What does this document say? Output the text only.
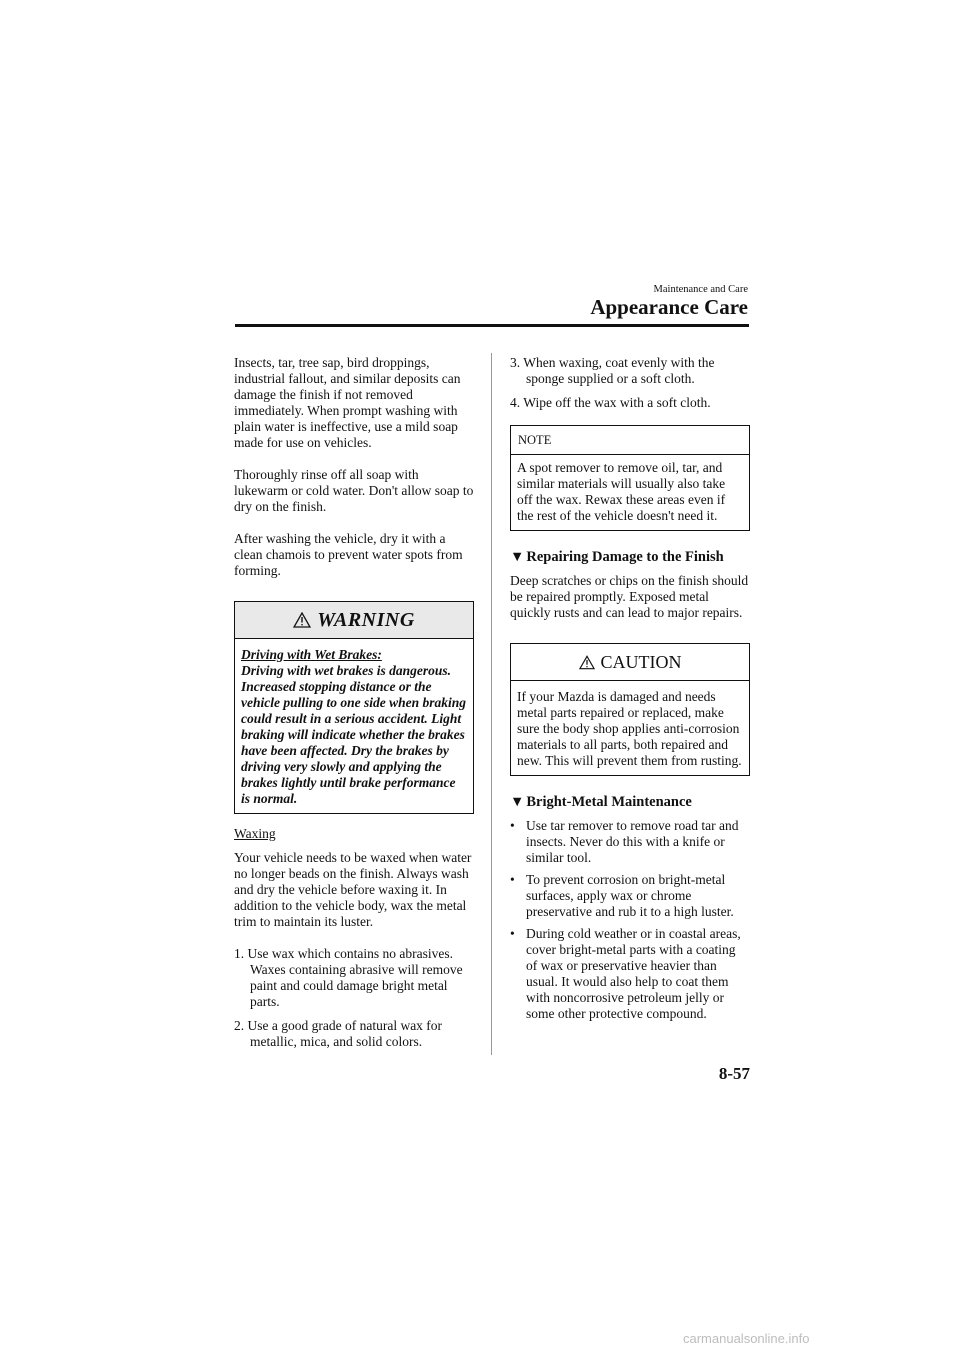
Maintenance and Care
Appearance Care

Insects, tar, tree sap, bird droppings, industrial fallout, and similar deposits can damage the finish if not removed immediately. When prompt washing with plain water is ineffective, use a mild soap made for use on vehicles.

Thoroughly rinse off all soap with lukewarm or cold water. Don't allow soap to dry on the finish.

After washing the vehicle, dry it with a clean chamois to prevent water spots from forming.

WARNING
Driving with Wet Brakes:
Driving with wet brakes is dangerous. Increased stopping distance or the vehicle pulling to one side when braking could result in a serious accident. Light braking will indicate whether the brakes have been affected. Dry the brakes by driving very slowly and applying the brakes lightly until brake performance is normal.
Waxing

Your vehicle needs to be waxed when water no longer beads on the finish. Always wash and dry the vehicle before waxing it. In addition to the vehicle body, wax the metal trim to maintain its luster.

1. Use wax which contains no abrasives. Waxes containing abrasive will remove paint and could damage bright metal parts.
2. Use a good grade of natural wax for metallic, mica, and solid colors.
3. When waxing, coat evenly with the sponge supplied or a soft cloth.
4. Wipe off the wax with a soft cloth.
NOTE
A spot remover to remove oil, tar, and similar materials will usually also take off the wax. Rewax these areas even if the rest of the vehicle doesn't need it.
▼ Repairing Damage to the Finish

Deep scratches or chips on the finish should be repaired promptly. Exposed metal quickly rusts and can lead to major repairs.

CAUTION
If your Mazda is damaged and needs metal parts repaired or replaced, make sure the body shop applies anti-corrosion materials to all parts, both repaired and new. This will prevent them from rusting.
▼ Bright-Metal Maintenance
• Use tar remover to remove road tar and insects. Never do this with a knife or similar tool.
• To prevent corrosion on bright-metal surfaces, apply wax or chrome preservative and rub it to a high luster.
• During cold weather or in coastal areas, cover bright-metal parts with a coating of wax or preservative heavier than usual. It would also help to coat them with noncorrosive petroleum jelly or some other protective compound.
8-57
carmanualsonline.info
